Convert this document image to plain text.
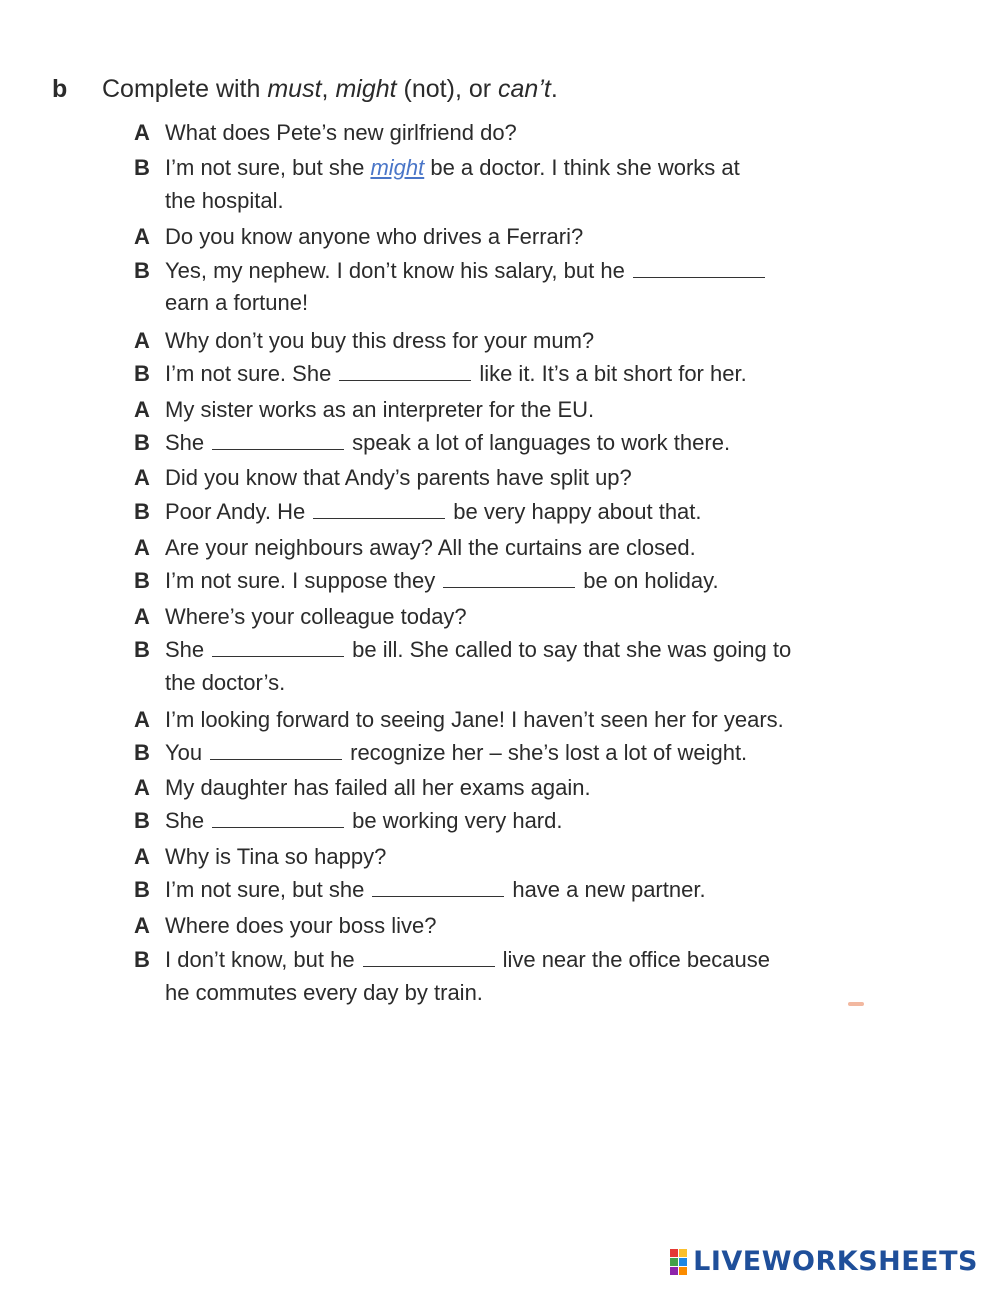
b Complete with must, might (not), or can’t.
A What does Pete’s new girlfriend do?
B I’m not sure, but she might be a doctor. I think she works at
the hospital.
A Do you know anyone who drives a Ferrari?
B Yes, my nephew. I don’t know his salary, but he
earn a fortune!
A Why don’t you buy this dress for your mum?
B I’m not sure. She	like it. It’s a bit short for her.
A My sister works as an interpreter for the EU.
B She	speak a lot of languages to work there.
A Did you know that Andy’s parents have split up?
B Poor Andy. He	be very happy about that.
A Are your neighbours away? All the curtains are closed.
B I’m not sure. I suppose they	be on holiday.
A Where’s your colleague today?
B She	be ill. She called to say that she was going to
the doctor’s.
A I’m looking forward to seeing Jane! I haven’t seen her for years.
B You	recognize her – she’s lost a lot of weight.
A My daughter has failed all her exams again.
B She	be working very hard.
A Why is Tina so happy?
B I’m not sure, but she	have a new partner.
A Where does your boss live?
B I don’t know, but he	live near the office because
he commutes every day by train.
LIVEWORKSHEETS
